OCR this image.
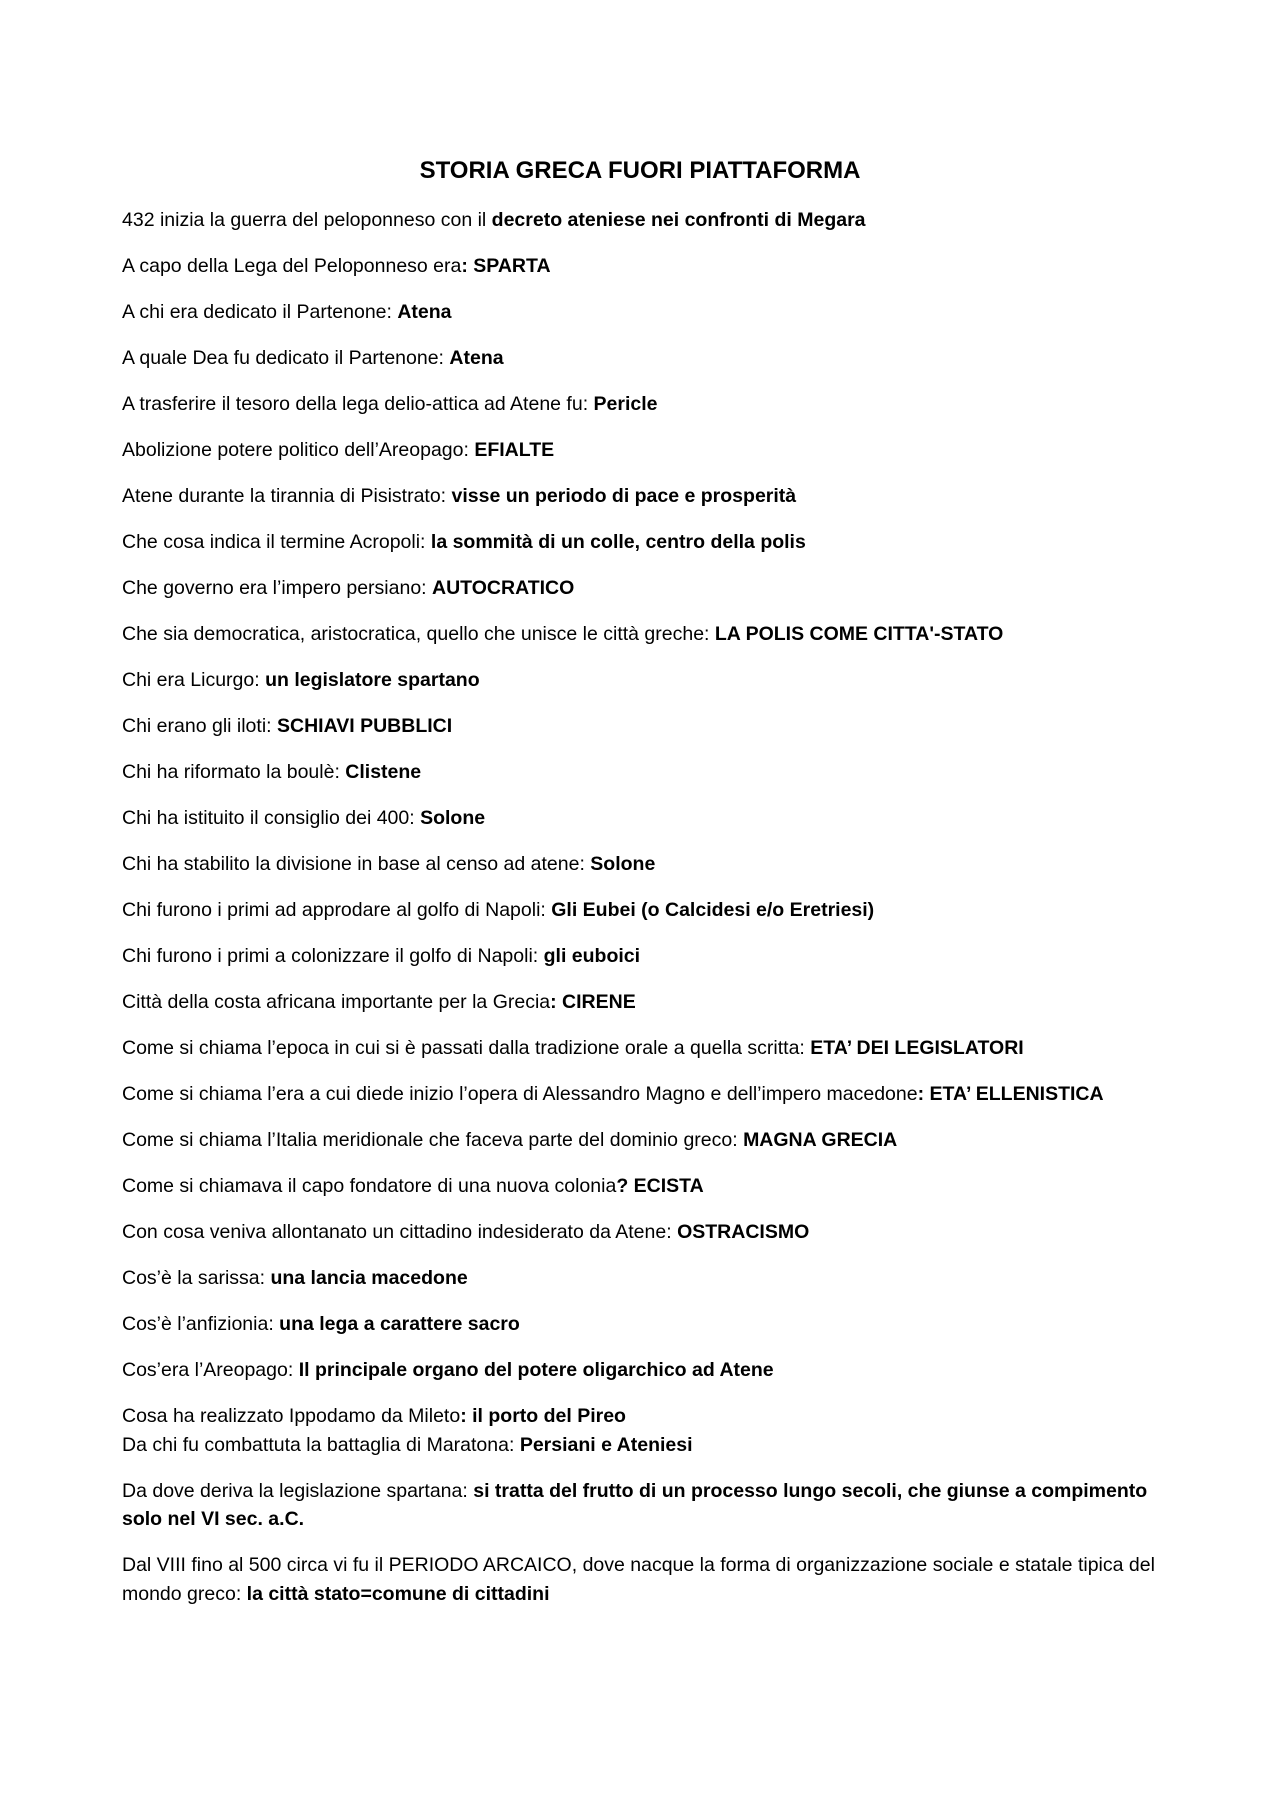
STORIA GRECA FUORI PIATTAFORMA

432 inizia la guerra del peloponneso con il decreto ateniese nei confronti di Megara

A capo della Lega del Peloponneso era: SPARTA

A chi era dedicato il Partenone: Atena

A quale Dea fu dedicato il Partenone: Atena

A trasferire il tesoro della lega delio-attica ad Atene fu: Pericle

Abolizione potere politico dell’Areopago: EFIALTE

Atene durante la tirannia di Pisistrato: visse un periodo di pace e prosperità

Che cosa indica il termine Acropoli: la sommità di un colle, centro della polis

Che governo era l’impero persiano: AUTOCRATICO

Che sia democratica, aristocratica, quello che unisce le città greche: LA POLIS COME CITTA'-STATO

Chi era Licurgo: un legislatore spartano

Chi erano gli iloti: SCHIAVI PUBBLICI

Chi ha riformato la boulè: Clistene

Chi ha istituito il consiglio dei 400: Solone

Chi ha stabilito la divisione in base al censo ad atene: Solone

Chi furono i primi ad approdare al golfo di Napoli: Gli Eubei (o Calcidesi e/o Eretriesi)

Chi furono i primi a colonizzare il golfo di Napoli: gli euboici

Città della costa africana importante per la Grecia: CIRENE

Come si chiama l’epoca in cui si è passati dalla tradizione orale a quella scritta: ETA’ DEI LEGISLATORI

Come si chiama l’era a cui diede inizio l’opera di Alessandro Magno e dell’impero macedone: ETA’ ELLENISTICA

Come si chiama l’Italia meridionale che faceva parte del dominio greco: MAGNA GRECIA

Come si chiamava il capo fondatore di una nuova colonia? ECISTA

Con cosa veniva allontanato un cittadino indesiderato da Atene: OSTRACISMO

Cos’è la sarissa: una lancia macedone

Cos’è l’anfizionia: una lega a carattere sacro

Cos’era l’Areopago: Il principale organo del potere oligarchico ad Atene

Cosa ha realizzato Ippodamo da Mileto: il porto del Pireo

Da chi fu combattuta la battaglia di Maratona: Persiani e Ateniesi

Da dove deriva la legislazione spartana: si tratta del frutto di un processo lungo secoli, che giunse a compimento solo nel VI sec. a.C.

Dal VIII fino al 500 circa vi fu il PERIODO ARCAICO, dove nacque la forma di organizzazione sociale e statale tipica del mondo greco: la città stato=comune di cittadini
